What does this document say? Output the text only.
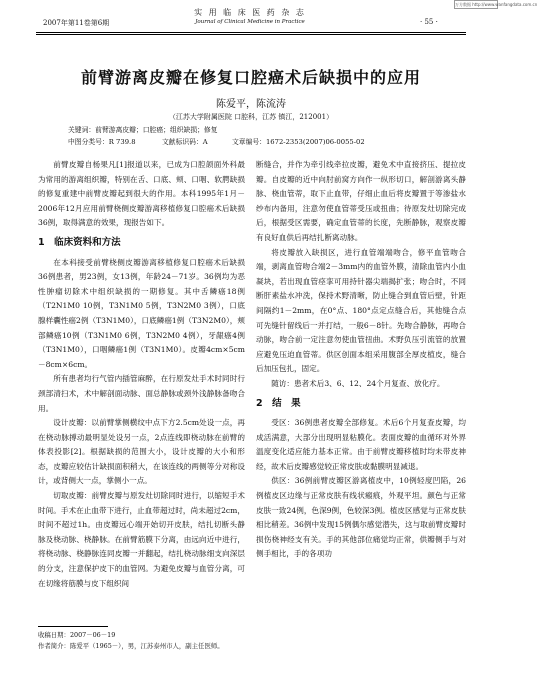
万方数据 http://www.wanfangdata.com.cn
2007年第11卷第6期
实 用 临 床 医 药 杂 志
Journal of Clinical Medicine in Practice	· 55 ·
前臂游离皮瓣在修复口腔癌术后缺损中的应用
陈爱平，陈流涛
（江苏大学附属医院 口腔科，江苏 镇江，212001）
关键词：前臂游离皮瓣；口腔癌；组织缺损；修复
中图分类号：R 739.8	文献标识码：A	文章编号：1672-2353(2007)06-0055-02

前臂皮瓣自杨果凡[1]报道以来，已成为口腔颌面外科最为常用的游离组织瓣，特别在舌、口底、颊、口咽、软腭缺损的修复重建中前臂皮瓣起到很大的作用。本科1995年1月－2006年12月应用前臂桡侧皮瓣游离移植修复口腔癌术后缺损36例，取得满意的效果，现报告如下。

1　临床资料和方法

在本科接受前臂桡侧皮瓣游离移植修复口腔癌术后缺损36例患者，男23例，女13例，年龄24－71岁。36例均为恶性肿瘤切除术中组织缺损的一期修复。其中舌鳞癌18例（T2N1M0 10例，T3N1M0 5例，T3N2M0 3例），口底腺样囊性癌2例（T3N1M0），口底鳞癌1例（T3N2M0），颊部鳞癌10例（T3N1M0 6例，T3N2M0 4例），牙龈癌4例（T3N1M0），口咽鳞癌1例（T3N1M0）。皮瓣4cm×5cm－8cm×6cm。

所有患者均行气管内插管麻醉，在行原发灶手术时同时行颈部清扫术，术中解剖面动脉、面总静脉或颈外浅静脉备吻合用。

设计皮瓣：以前臂掌侧横纹中点下方2.5cm处设一点，再在桡动脉搏动最明显处设另一点，2点连线即桡动脉在前臂的体表投影[2]。根据缺损的范围大小，设计皮瓣的大小和形态，皮瓣应较估计缺损面积稍大，在该连线的两侧等分对称设计，或背侧大一点，掌侧小一点。

切取皮瓣：前臂皮瓣与原发灶切除同时进行，以缩短手术时间。手术在止血带下进行，止血带超过时，尚未超过2cm，时间不超过1h。由皮瓣远心端开始切开皮肤，结扎切断头静脉及桡动脉、桡静脉。在前臂筋膜下分离，由远向近中进行，将桡动脉、桡静脉连同皮瓣一并翻起，结扎桡动脉细支向深层的分支，注意保护皮下的血管网。为避免皮瓣与血管分离，可在切缘将筋膜与皮下组织间

断缝合，并作为牵引线牵拉皮瓣，避免术中直接挤压、提拉皮瓣。自皮瓣的近中向肘前窝方向作一纵形切口，解剖游离头静脉、桡血管蒂，取下止血带，仔细止血后将皮瓣置于等渗盐水纱布内备用，注意勿使血管蒂受压或扭曲；待原发灶切除完成后，根据受区需要，确定血管蒂的长度，先断静脉，观察皮瓣有良好血供后再结扎断离动脉。

将皮瓣放入缺损区，进行血管端端吻合，修平血管吻合端，剥离血管吻合端2－3mm内的血管外膜，清除血管内小血凝块，若出现血管痉挛可用持针器尖端揭扩张；吻合时，不同断肝素盐水冲洗，保持术野清晰，防止缝合到血管后壁，针距间隔约1－2mm，在0°点、180°点定点缝合后，其他缝合点可先缝针留线后一并打结，一般6－8针。先吻合静脉，再吻合动脉，吻合前一定注意勿使血管扭曲。术野负压引流管的放置应避免压迫血管蒂。供区创面本组采用腹部全厚皮植皮，缝合后加压包扎，固定。

随访：患者术后3、6、12、24个月复查、放化疗。

2　结　果

受区：36例患者皮瓣全部修复。术后6个月复查皮瓣，均成活满意，大部分出现明显粘膜化。表面皮瓣的血循环对外界温度变化适应能力基本正常。由于前臂皮瓣移植时均未带皮神经，故术后皮瓣感觉较正常皮肤或黏膜明显减退。

供区：36例前臂皮瓣区游离植皮中，10例轻度凹陷，26例植皮区边缘与正常皮肤有线状瘢痕，外观平坦。颜色与正常皮肤一致24例，色深9例，色较深3例。植皮区感觉与正常皮肤相比稍差。36例中发现15例偶尔感觉潜失，这与取前臂皮瓣时损伤桡神经支有关。手的其他部位痛觉均正常，供瓣侧手与对侧手相比，手的各项功

收稿日期：2007－06－19
作者简介：陈爱平（1965－），男，江苏泰州市人，副主任医师。
